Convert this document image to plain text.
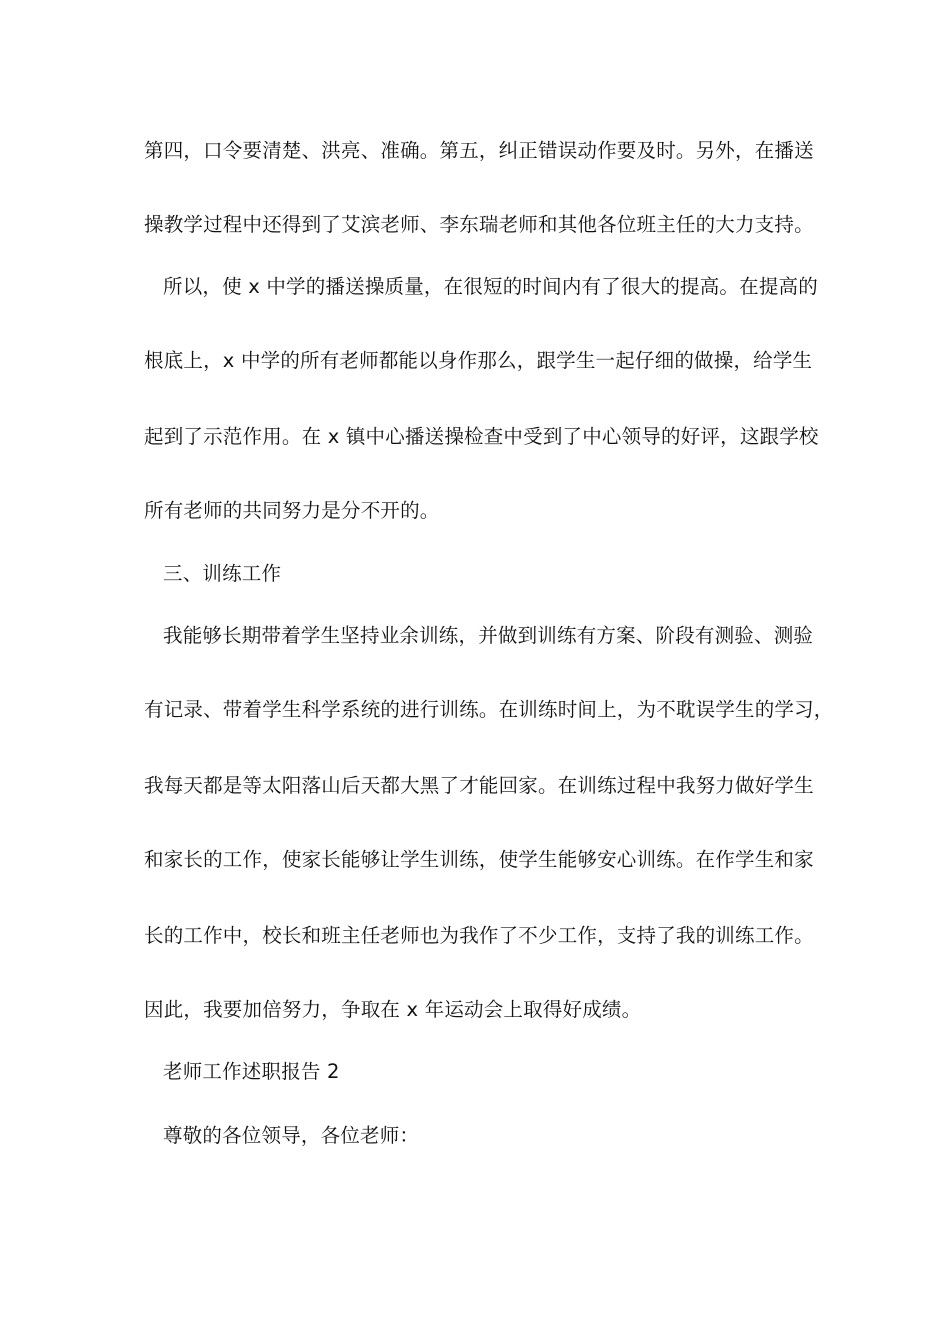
第四，口令要清楚、洪亮、准确。第五，纠正错误动作要及时。另外，在播送
操教学过程中还得到了艾滨老师、李东瑞老师和其他各位班主任的大力支持。
所以，使 x 中学的播送操质量，在很短的时间内有了很大的提高。在提高的
根底上，x 中学的所有老师都能以身作那么，跟学生一起仔细的做操，给学生
起到了示范作用。在 x 镇中心播送操检查中受到了中心领导的好评，这跟学校
所有老师的共同努力是分不开的。
三、训练工作
我能够长期带着学生坚持业余训练，并做到训练有方案、阶段有测验、测验
有记录、带着学生科学系统的进行训练。在训练时间上，为不耽误学生的学习，
我每天都是等太阳落山后天都大黑了才能回家。在训练过程中我努力做好学生
和家长的工作，使家长能够让学生训练，使学生能够安心训练。在作学生和家
长的工作中，校长和班主任老师也为我作了不少工作，支持了我的训练工作。
因此，我要加倍努力，争取在 x 年运动会上取得好成绩。
老师工作述职报告 2
尊敬的各位领导，各位老师：
